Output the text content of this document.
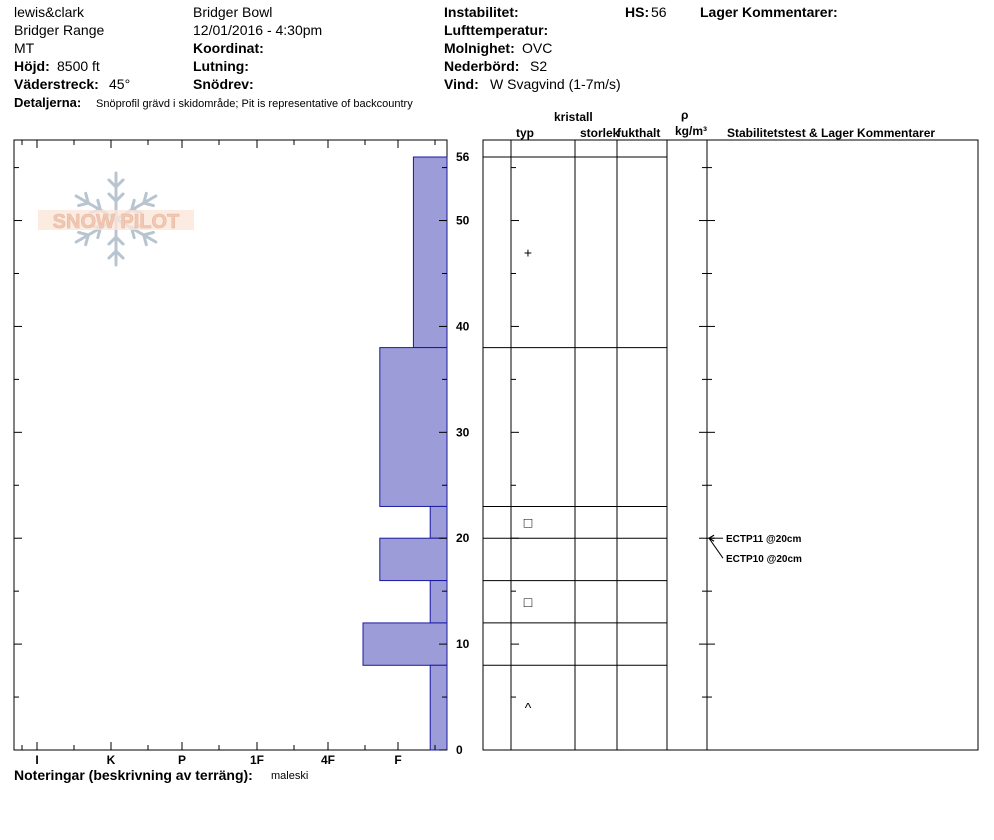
lewis&clark	Bridger Bowl	Instabilitet:	HS: 56 Lager Kommentarer:
Bridger Range	12/01/2016 - 4:30pm	Lufttemperatur:
MT	Koordinat:	Molnighet: OVC
Höjd: 8500 ft	Lutning:	Nederbörd: S2
Väderstreck: 45°	Snödrev:	Vind: W Svagvind (1-7m/s)
Detaljerna: Snöprofil grävd i skidområde; Pit is representative of backcountry
kristall
typ	storlek
fukthalt
ρ
kg/m³ Stabilitetstest & Lager Kommentarer
SNOW PILOT
I	K	P	1F	4F	F
0
10
20
30
40
50
56
+
□
□
^
ECTP11 @20cm
ECTP10 @20cm
Noteringar (beskrivning av terräng): maleski
